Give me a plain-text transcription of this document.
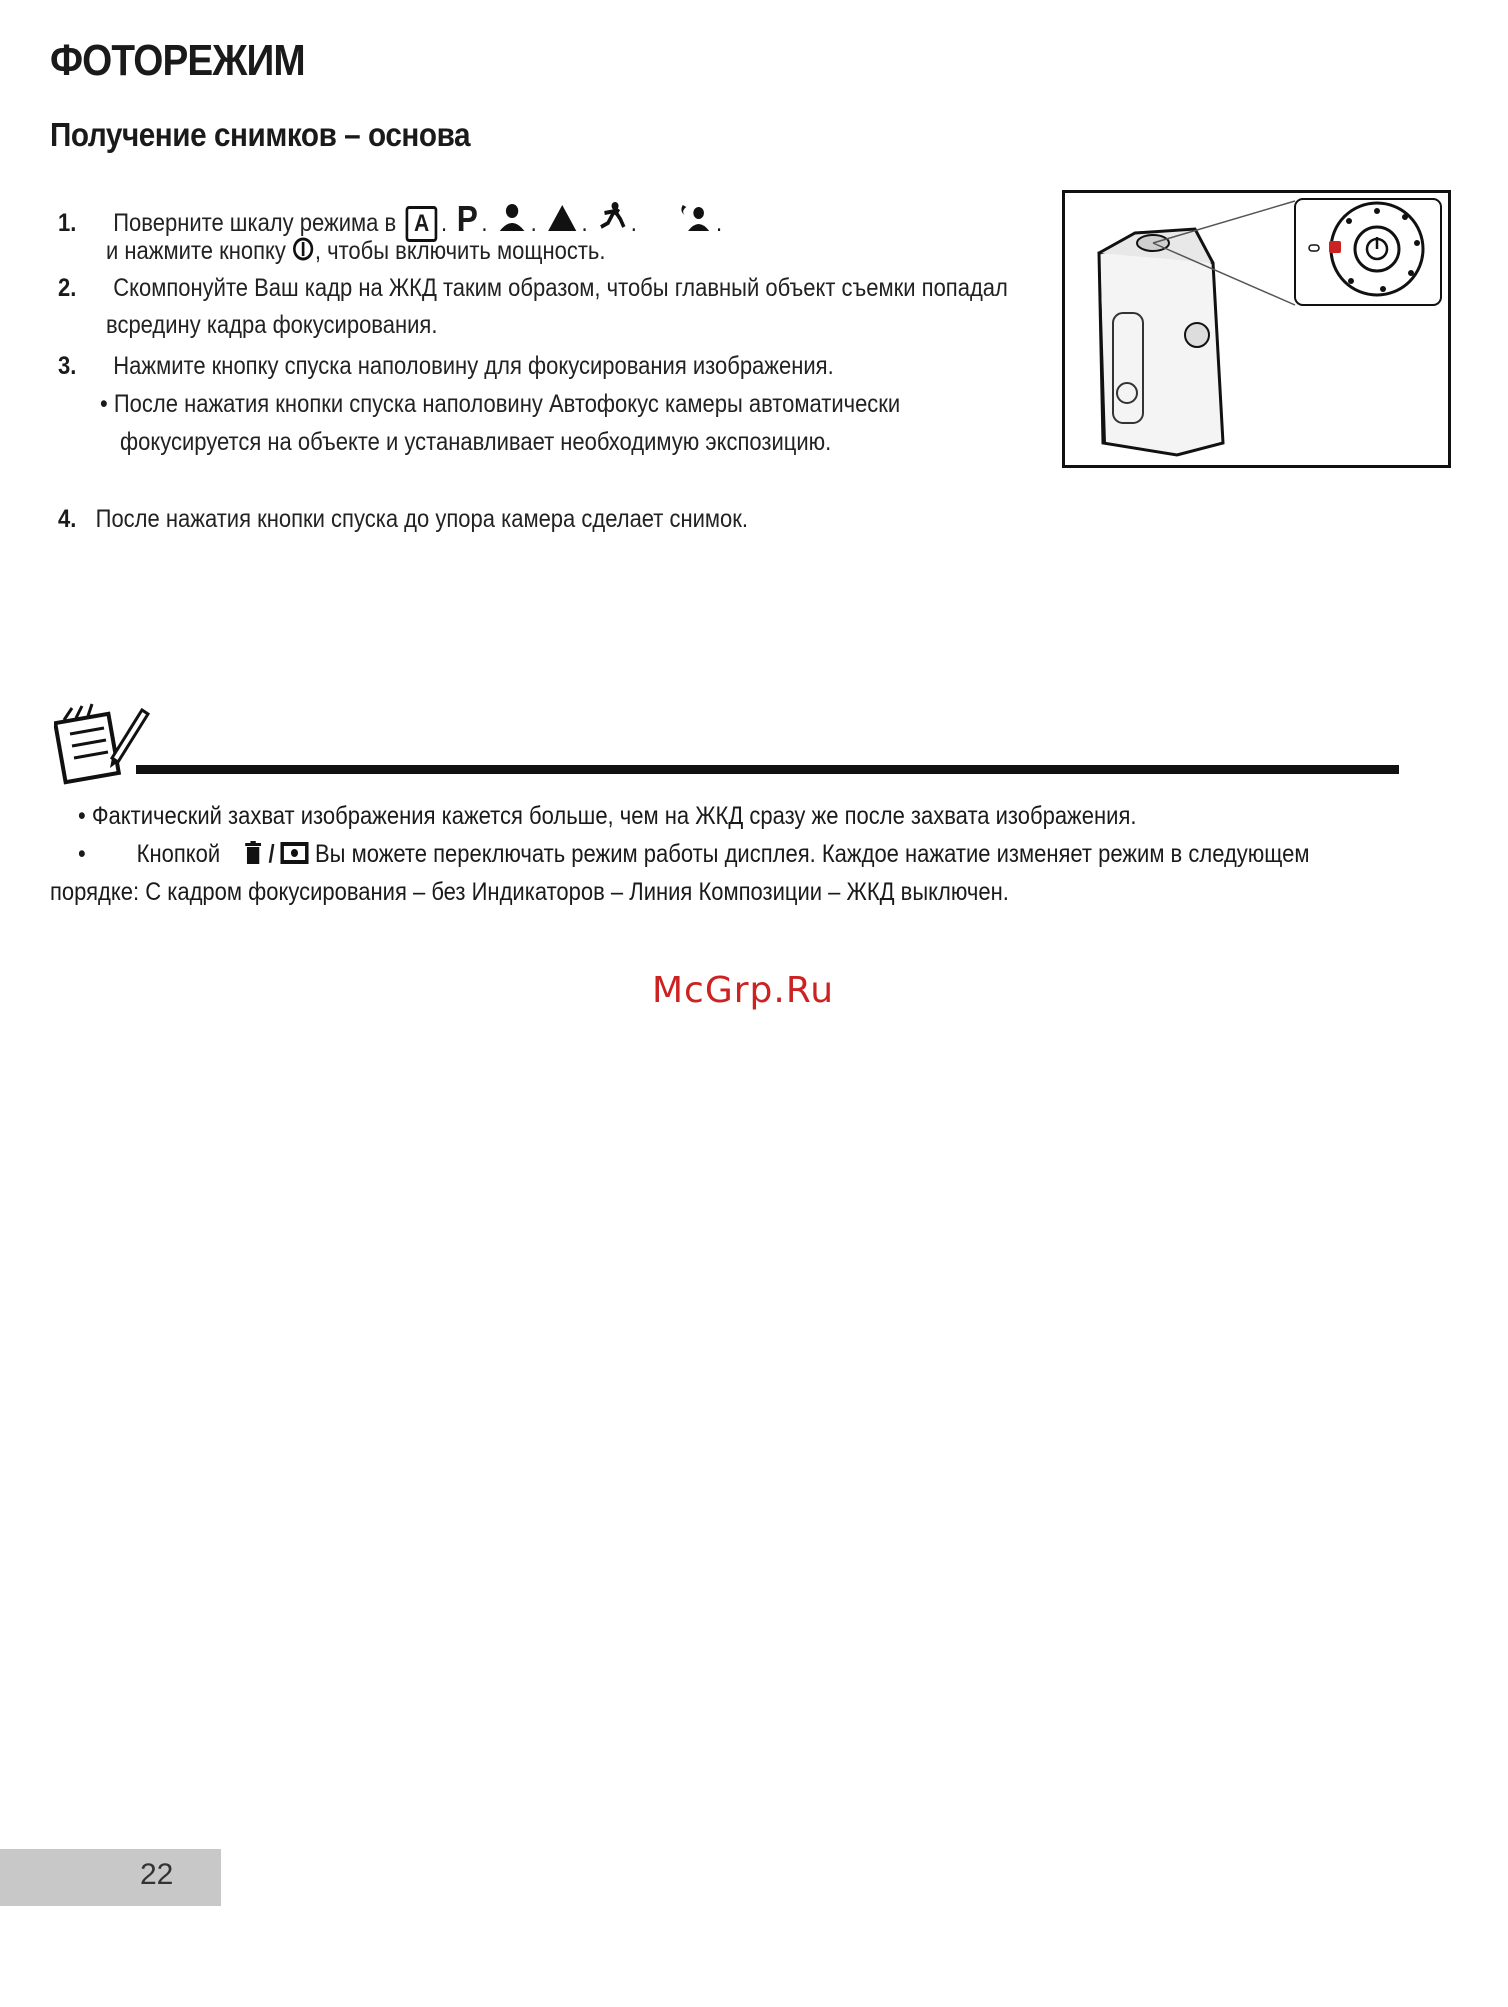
ФОТОРЕЖИМ
Получение снимков – основа
1. Поверните шкалу режима в A . P . . . .	.
и нажмите кнопку , чтобы включить мощность.
2. Скомпонуйте Ваш кадр на ЖКД таким образом, чтобы главный объект съемки попадал
всредину кадра фокусирования.
3. Нажмите кнопку спуска наполовину для фокусирования изображения.
• После нажатия кнопки спуска наполовину Автофокус камеры автоматически
фокусируется на объекте и устанавливает необходимую экспозицию.
4. После нажатия кнопки спуска до упора камера сделает снимок.
• Фактический захват изображения кажется больше, чем на ЖКД сразу же после захвата изображения.
• Кнопкой / Вы можете переключать режим работы дисплея. Каждое нажатие изменяет режим в следующем
порядке: С кадром фокусирования – без Индикаторов – Линия Композиции – ЖКД выключен.
McGrp.Ru
22
